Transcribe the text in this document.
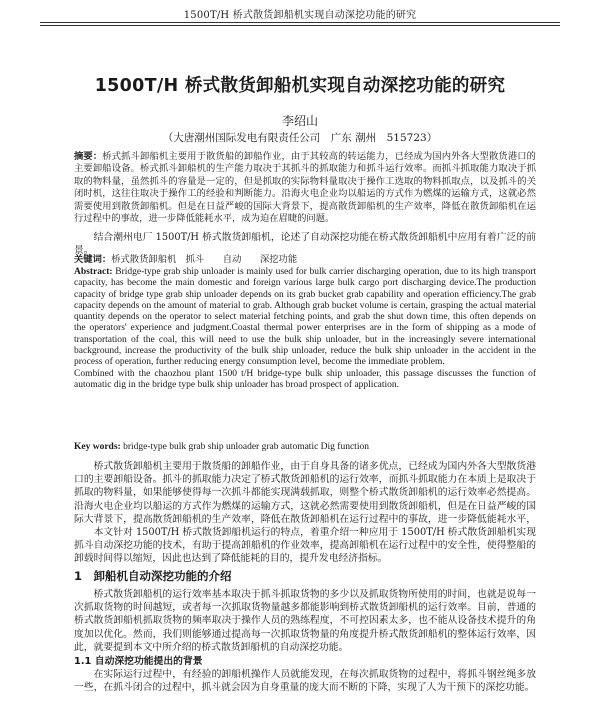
1500T/H 桥式散货卸船机实现自动深挖功能的研究
1500T/H 桥式散货卸船机实现自动深挖功能的研究
李绍山
（大唐潮州国际发电有限责任公司　广东 潮州　515723）
摘要：桥式抓斗卸船机主要用于散货船的卸船作业，由于其较高的转运能力，已经成为国内外各大型散货港口的主要卸船设备。桥式抓斗卸船机的生产能力取决于其抓斗的抓取能力和抓斗运行效率。而抓斗抓取能力取决于抓取的物料量，虽然抓斗的容量是一定的，但是抓取的实际物料量取决于操作工选取的物料抓取点，以及抓斗的关闭时机，这往往取决于操作工的经验和判断能力。沿海火电企业均以船运的方式作为燃煤的运输方式，这就必然需要使用到散货卸船机。但是在日益严峻的国际大背景下，提高散货卸船机的生产效率，降低在散货卸船机在运行过程中的事故，进一步降低能耗水平，成为迫在眉睫的问题。
结合潮州电厂 1500T/H 桥式散货卸船机，论述了自动深挖功能在桥式散货卸船机中应用有着广泛的前景。
关键词：桥式散货卸船机　抓斗　　自动　　深挖功能
Abstract: Bridge-type grab ship unloader is mainly used for bulk carrier discharging operation, due to its high transport capacity, has become the main domestic and foreign various large bulk cargo port discharging device.The production capacity of bridge type grab ship unloader depends on its grab bucket grab capability and operation efficiency.The grab capacity depends on the amount of material to grab. Although grab bucket volume is certain, grasping the actual material quantity depends on the operator to select material fetching points, and grab the shut down time, this often depends on the operators' experience and judgment.Coastal thermal power enterprises are in the form of shipping as a mode of transportation of the coal, this will need to use the bulk ship unloader, but in the increasingly severe international background, increase the productivity of the bulk ship unloader, reduce the bulk ship unloader in the accident in the process of operation, further reducing energy consumption level, become the immediate problem.
Combined with the chaozhou plant 1500 t/H bridge-type bulk ship unloader, this passage discusses the function of automatic dig in the bridge type bulk ship unloader has broad prospect of application.
Key words: bridge-type bulk grab ship unloader grab automatic Dig function
桥式散货卸船机主要用于散货船的卸船作业，由于自身具备的诸多优点，已经成为国内外各大型散货港口的主要卸船设备。抓斗的抓取能力决定了桥式散货卸船机的运行效率，而抓斗抓取能力在本质上是取决于抓取的物料量，如果能够使得每一次抓斗都能实现满载抓取，则整个桥式散货卸船机的运行效率必然提高。沿海火电企业均以船运的方式作为燃煤的运输方式，这就必然需要使用到散货卸船机，但是在日益严峻的国际大背景下，提高散货卸船机的生产效率，降低在散货卸船机在运行过程中的事故，进一步降低能耗水平，
本文针对 1500T/H 桥式散货卸船机运行的特点，着重介绍一种应用于 1500T/H 桥式散货卸船机实现抓斗自动深挖功能的技术，有助于提高卸船机的作业效率，提高卸船机在运行过程中的安全性，使得整船的卸载时间得以缩短，因此也达到了降低能耗的目的，提升发电经济指标。
1　卸船机自动深挖功能的介绍
桥式散货卸船机的运行效率基本取决于抓斗抓取货物的多少以及抓取货物所使用的时间，也就是说每一次抓取货物的时间越短，或者每一次抓取货物量越多都能影响到桥式散货卸船机的运行效率。目前，普通的桥式散货卸船机抓取货物的频率取决于操作人员的熟练程度，不可控因素太多，也不能从设备技术提升的角度加以优化。然而，我们则能够通过提高每一次抓取货物量的角度提升桥式散货卸船机的整体运行效率，因此，就要提到本文中所介绍的桥式散货卸船机的自动深挖功能。
1.1 自动深挖功能提出的背景
在实际运行过程中，有经验的卸船机操作人员就能发现，在每次抓取货物的过程中，将抓斗钢丝绳多放一些，在抓斗闭合的过程中，抓斗就会因为自身重量的庞大而不断的下降，实现了人为干预下的深挖功能。
